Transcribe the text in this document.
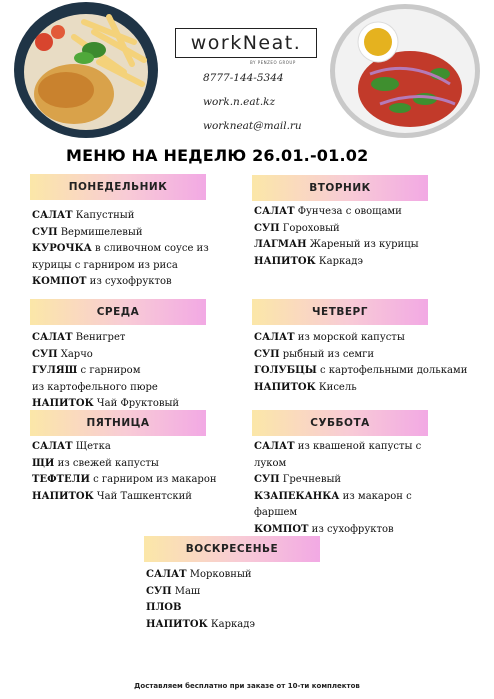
workNeat.
BY PENZEO GROUP
8777-144-5344
work.n.eat.kz
workneat@mail.ru
МЕНЮ НА НЕДЕЛЮ 26.01.-01.02
ПОНЕДЕЛЬНИК
САЛАТ Капустный
СУП Вермишелевый
КУРОЧКА в сливочном соусе из
курицы с гарниром из риса
КОМПОТ из сухофруктов
ВТОРНИК
САЛАТ Фунчеза с овощами
СУП Гороховый
ЛАГМАН Жареный из курицы
НАПИТОК Каркадэ
СРЕДА
САЛАТ Венигрет
СУП Харчо
ГУЛЯШ с гарниром
из картофельного пюре
НАПИТОК Чай Фруктовый
ЧЕТВЕРГ
САЛАТ из морской капусты
СУП рыбный из семги
ГОЛУБЦЫ с картофельными дольками
НАПИТОК Кисель
ПЯТНИЦА
САЛАТ Щетка
ЩИ из свежей капусты
ТЕФТЕЛИ с гарниром из макарон
НАПИТОК Чай Ташкентский
СУББОТА
САЛАТ из квашеной капусты с
луком
СУП Гречневый
КЗАПЕКАНКА из макарон с
фаршем
КОМПОТ из сухофруктов
ВОСКРЕСЕНЬЕ
САЛАТ Морковный
СУП Маш
ПЛОВ
НАПИТОК Каркадэ
Доставляем бесплатно при заказе от 10-ти комплектов
